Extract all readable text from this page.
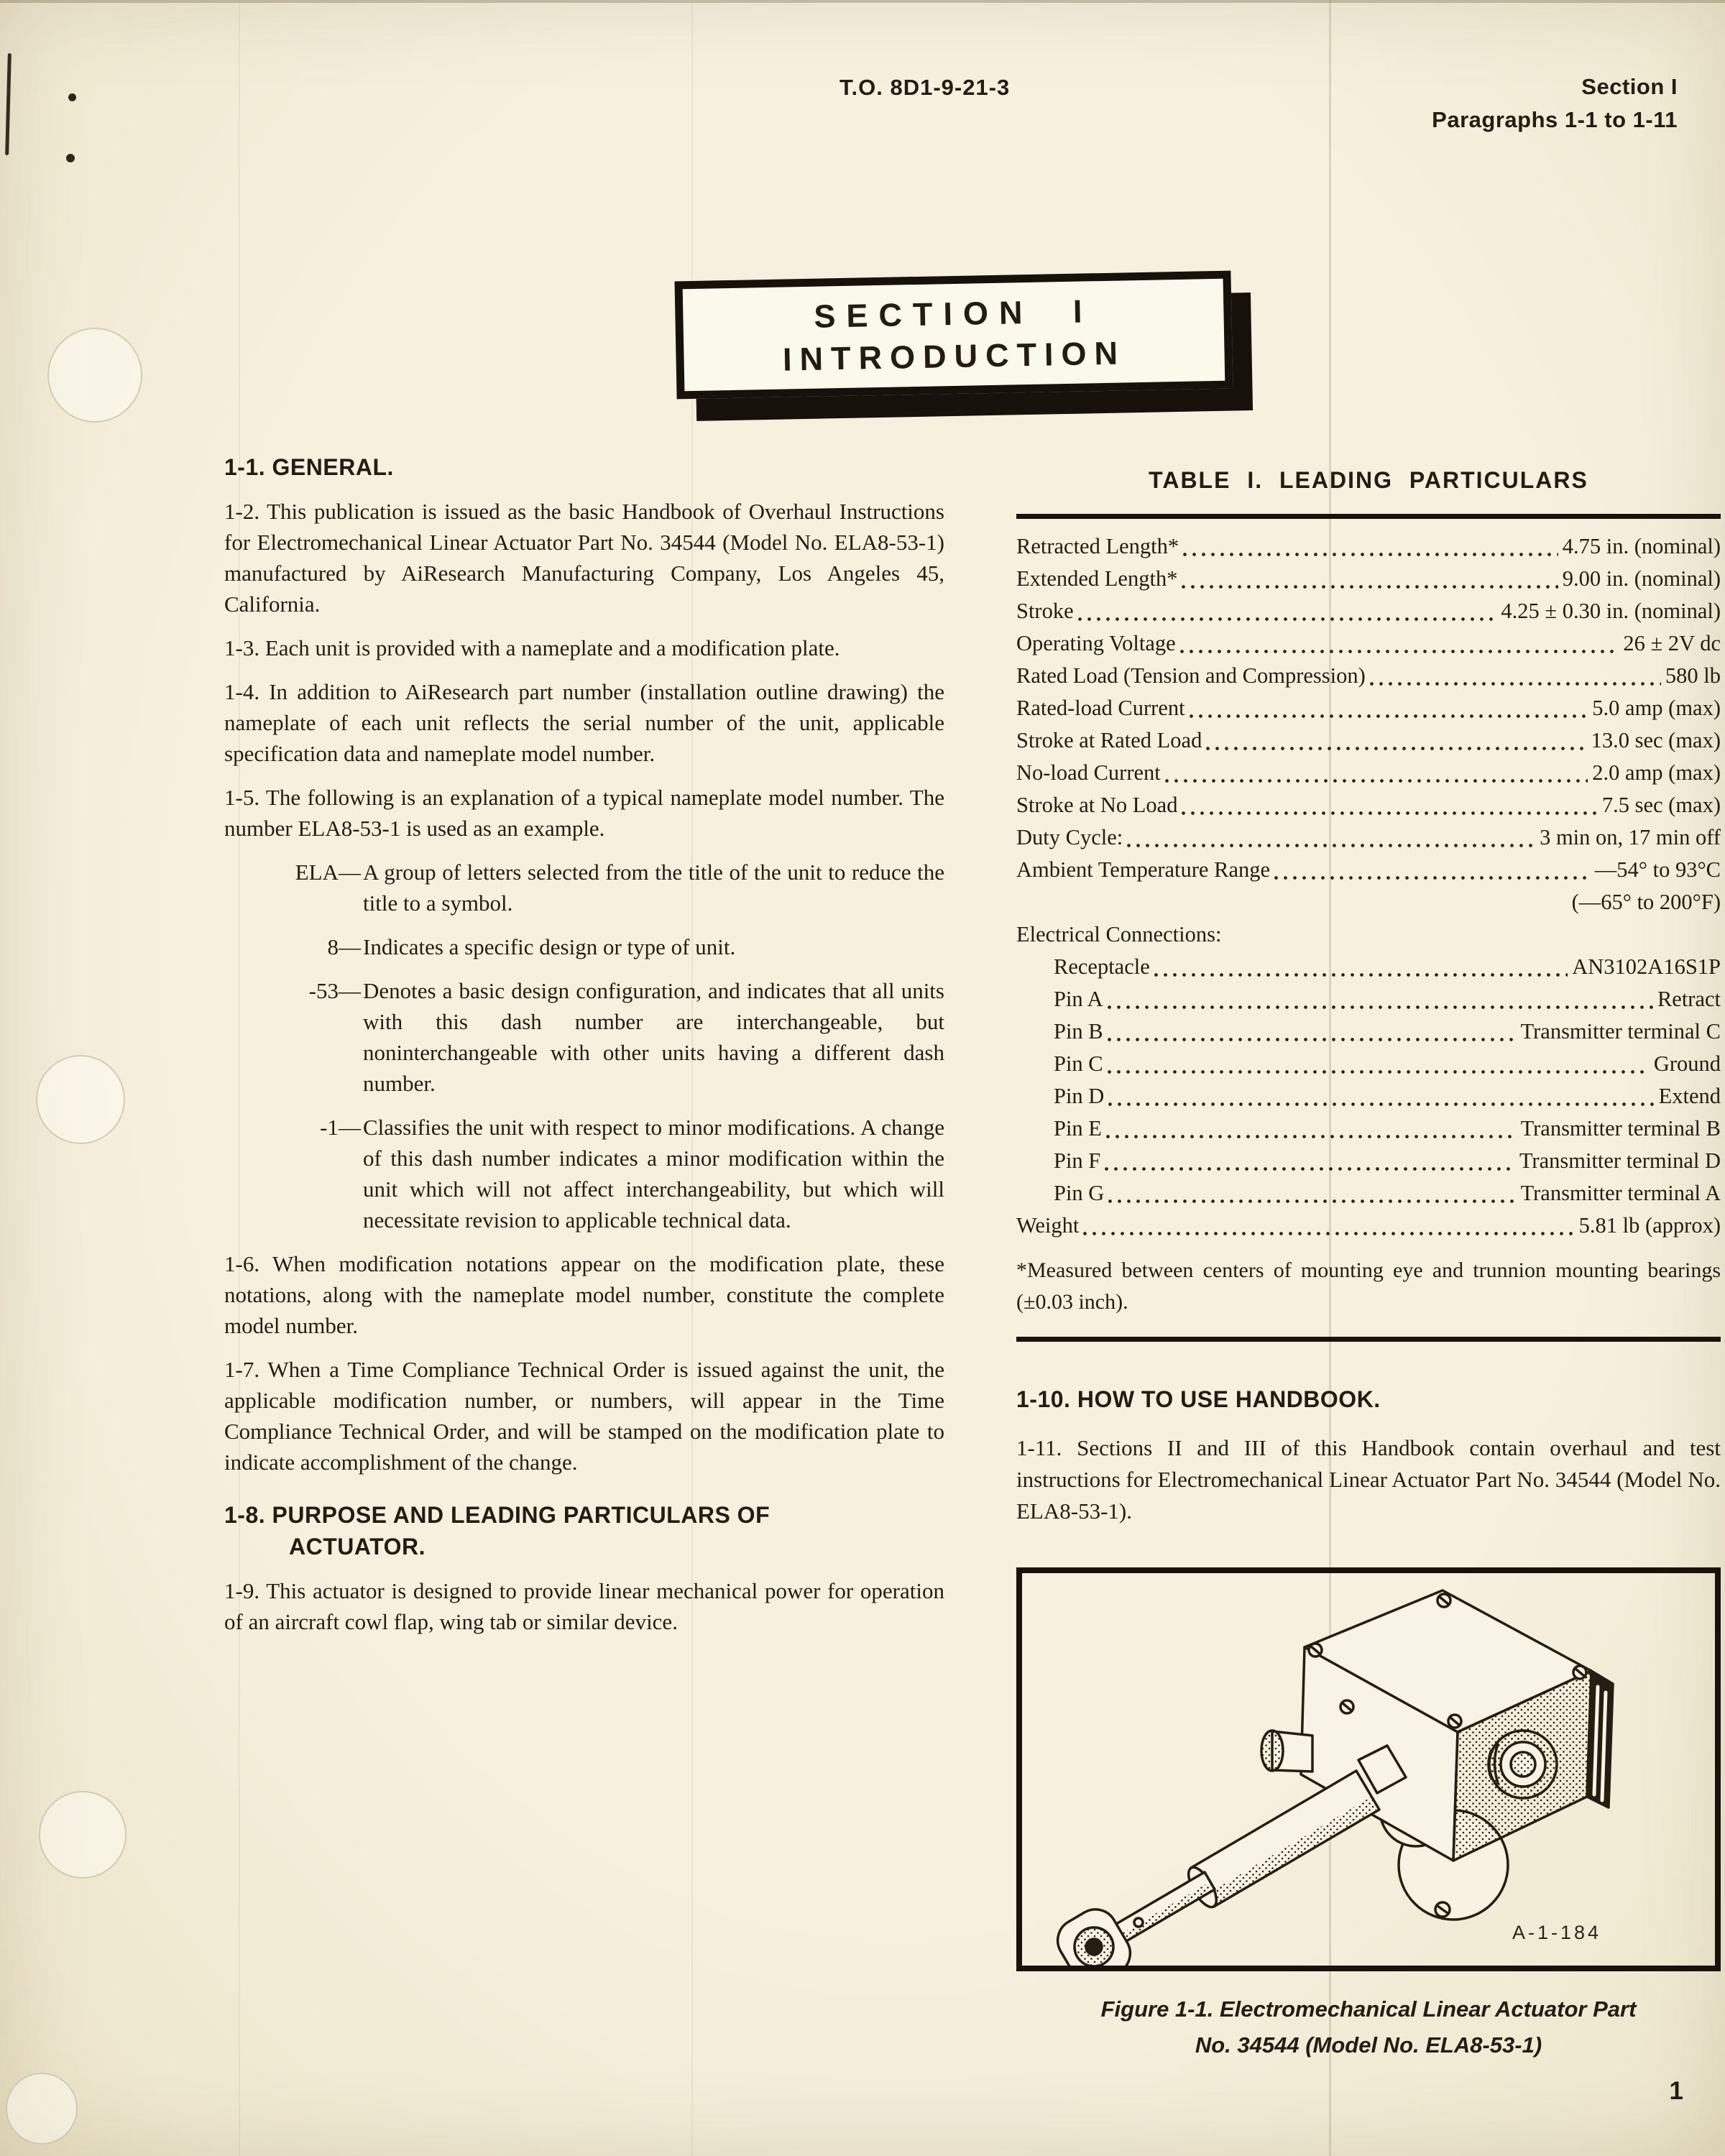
T.O. 8D1-9-21-3	Section I
Paragraphs 1-1 to 1-11
SECTION I
INTRODUCTION
1-1. GENERAL.

1-2. This publication is issued as the basic Handbook of Overhaul Instructions for Electromechanical Linear Actuator Part No. 34544 (Model No. ELA8-53-1) manufactured by AiResearch Manufacturing Company, Los Angeles 45, California.

1-3. Each unit is provided with a nameplate and a modification plate.

1-4. In addition to AiResearch part number (installation outline drawing) the nameplate of each unit reflects the serial number of the unit, applicable specification data and nameplate model number.

1-5. The following is an explanation of a typical nameplate model number. The number ELA8-53-1 is used as an example.

ELA— A group of letters selected from the title of the unit to reduce the title to a symbol.
8— Indicates a specific design or type of unit.
-53— Denotes a basic design configuration, and indicates that all units with this dash number are interchangeable, but noninterchangeable with other units having a different dash number.
-1— Classifies the unit with respect to minor modifications. A change of this dash number indicates a minor modification within the unit which will not affect interchangeability, but which will necessitate revision to applicable technical data.

1-6. When modification notations appear on the modification plate, these notations, along with the nameplate model number, constitute the complete model number.

1-7. When a Time Compliance Technical Order is issued against the unit, the applicable modification number, or numbers, will appear in the Time Compliance Technical Order, and will be stamped on the modification plate to indicate accomplishment of the change.

1-8. PURPOSE AND LEADING PARTICULARS OF
ACTUATOR.

1-9. This actuator is designed to provide linear mechanical power for operation of an aircraft cowl flap, wing tab or similar device.

TABLE I. LEADING PARTICULARS
Retracted Length*	4.75 in. (nominal)
Extended Length*	9.00 in. (nominal)
Stroke	4.25 ± 0.30 in. (nominal)
Operating Voltage	26 ± 2V dc
Rated Load (Tension and Compression)	580 lb
Rated-load Current	5.0 amp (max)
Stroke at Rated Load	13.0 sec (max)
No-load Current	2.0 amp (max)
Stroke at No Load	7.5 sec (max)
Duty Cycle:	3 min on, 17 min off
Ambient Temperature Range	—54° to 93°C
(—65° to 200°F)
Electrical Connections:
Receptacle	AN3102A16S1P
Pin A	Retract
Pin B	Transmitter terminal C
Pin C	Ground
Pin D	Extend
Pin E	Transmitter terminal B
Pin F	Transmitter terminal D
Pin G	Transmitter terminal A
Weight	5.81 lb (approx)
*Measured between centers of mounting eye and trunnion mounting bearings (±0.03 inch).
1-10. HOW TO USE HANDBOOK.

1-11. Sections II and III of this Handbook contain overhaul and test instructions for Electromechanical Linear Actuator Part No. 34544 (Model No. ELA8-53-1).

A-1-184
Figure 1-1. Electromechanical Linear Actuator Part
No. 34544 (Model No. ELA8-53-1)
1
